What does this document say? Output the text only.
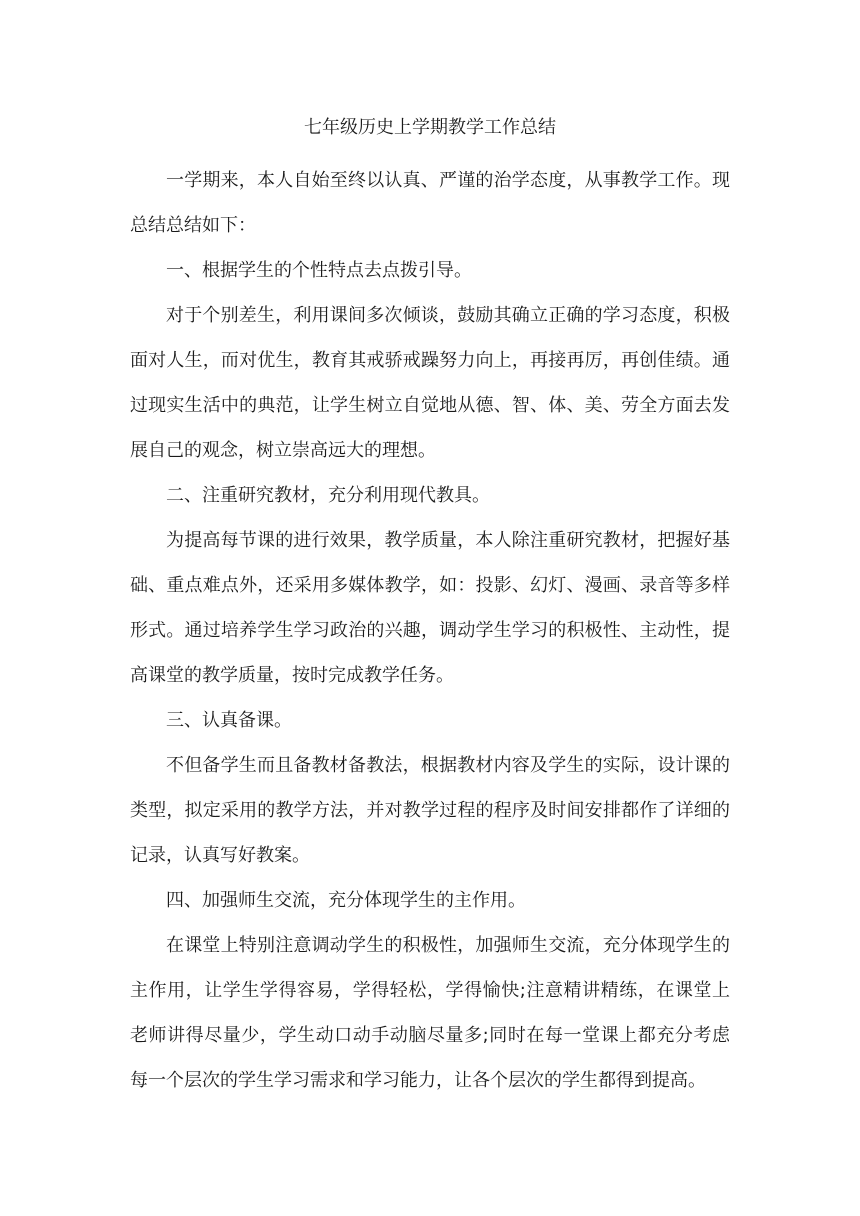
七年级历史上学期教学工作总结

一学期来，本人自始至终以认真、严谨的治学态度，从事教学工作。现总结总结如下：

一、根据学生的个性特点去点拨引导。

对于个别差生，利用课间多次倾谈，鼓励其确立正确的学习态度，积极面对人生，而对优生，教育其戒骄戒躁努力向上，再接再厉，再创佳绩。通过现实生活中的典范，让学生树立自觉地从德、智、体、美、劳全方面去发展自己的观念，树立崇高远大的理想。

二、注重研究教材，充分利用现代教具。

为提高每节课的进行效果，教学质量，本人除注重研究教材，把握好基础、重点难点外，还采用多媒体教学，如：投影、幻灯、漫画、录音等多样形式。通过培养学生学习政治的兴趣，调动学生学习的积极性、主动性，提高课堂的教学质量，按时完成教学任务。

三、认真备课。

不但备学生而且备教材备教法，根据教材内容及学生的实际，设计课的类型，拟定采用的教学方法，并对教学过程的程序及时间安排都作了详细的记录，认真写好教案。

四、加强师生交流，充分体现学生的主作用。

在课堂上特别注意调动学生的积极性，加强师生交流，充分体现学生的主作用，让学生学得容易，学得轻松，学得愉快;注意精讲精练，在课堂上老师讲得尽量少，学生动口动手动脑尽量多;同时在每一堂课上都充分考虑每一个层次的学生学习需求和学习能力，让各个层次的学生都得到提高。
